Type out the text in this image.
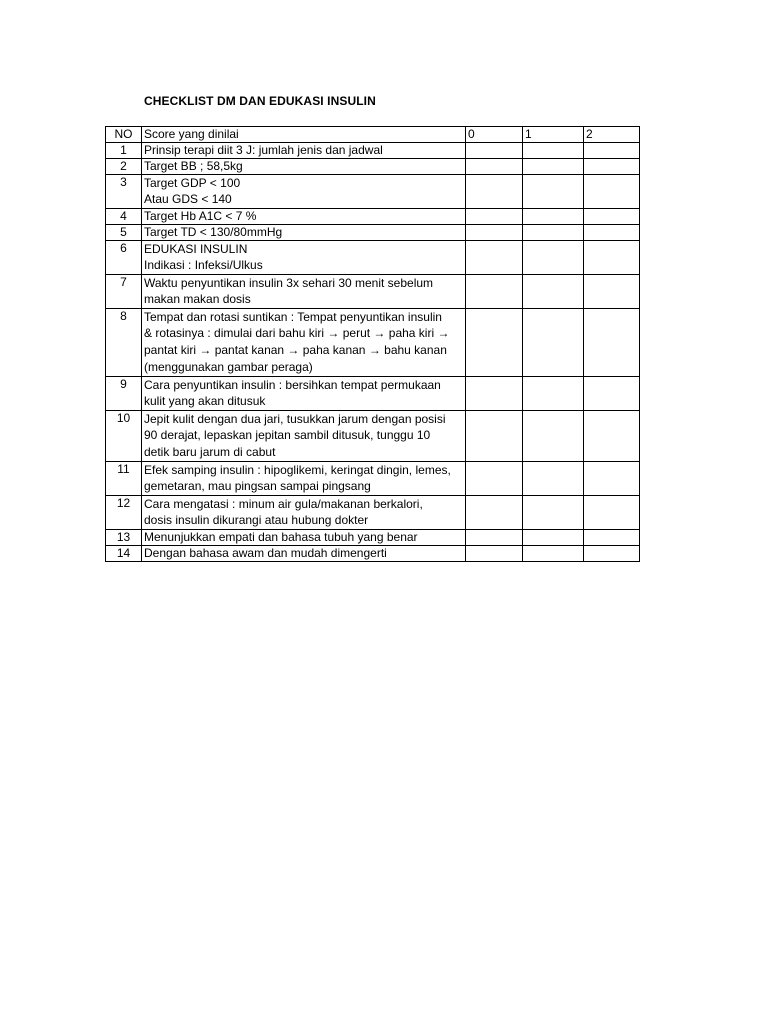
CHECKLIST DM DAN EDUKASI INSULIN
NO	Score yang dinilai	0	1	2
1	Prinsip terapi diit 3 J: jumlah jenis dan jadwal			
2	Target BB ; 58,5kg			
3	Target GDP < 100
Atau GDS < 140			

4	Target Hb A1C < 7 %			
5	Target TD < 130/80mmHg			
6	EDUKASI INSULIN
Indikasi : Infeksi/Ulkus			

7	Waktu penyuntikan insulin 3x sehari 30 menit sebelum
makan makan dosis			

8	Tempat dan rotasi suntikan : Tempat penyuntikan insulin
& rotasinya : dimulai dari bahu kiri → perut → paha kiri →
pantat kiri → pantat kanan → paha kanan → bahu kanan
(menggunakan gambar peraga)			

9	Cara penyuntikan insulin : bersihkan tempat permukaan
kulit yang akan ditusuk			

10	Jepit kulit dengan dua jari, tusukkan jarum dengan posisi
90 derajat, lepaskan jepitan sambil ditusuk, tunggu 10
detik baru jarum di cabut			

11	Efek samping insulin : hipoglikemi, keringat dingin, lemes,
gemetaran, mau pingsan sampai pingsang			

12	Cara mengatasi : minum air gula/makanan berkalori,
dosis insulin dikurangi atau hubung dokter			

13	Menunjukkan empati dan bahasa tubuh yang benar			
14	Dengan bahasa awam dan mudah dimengerti			
